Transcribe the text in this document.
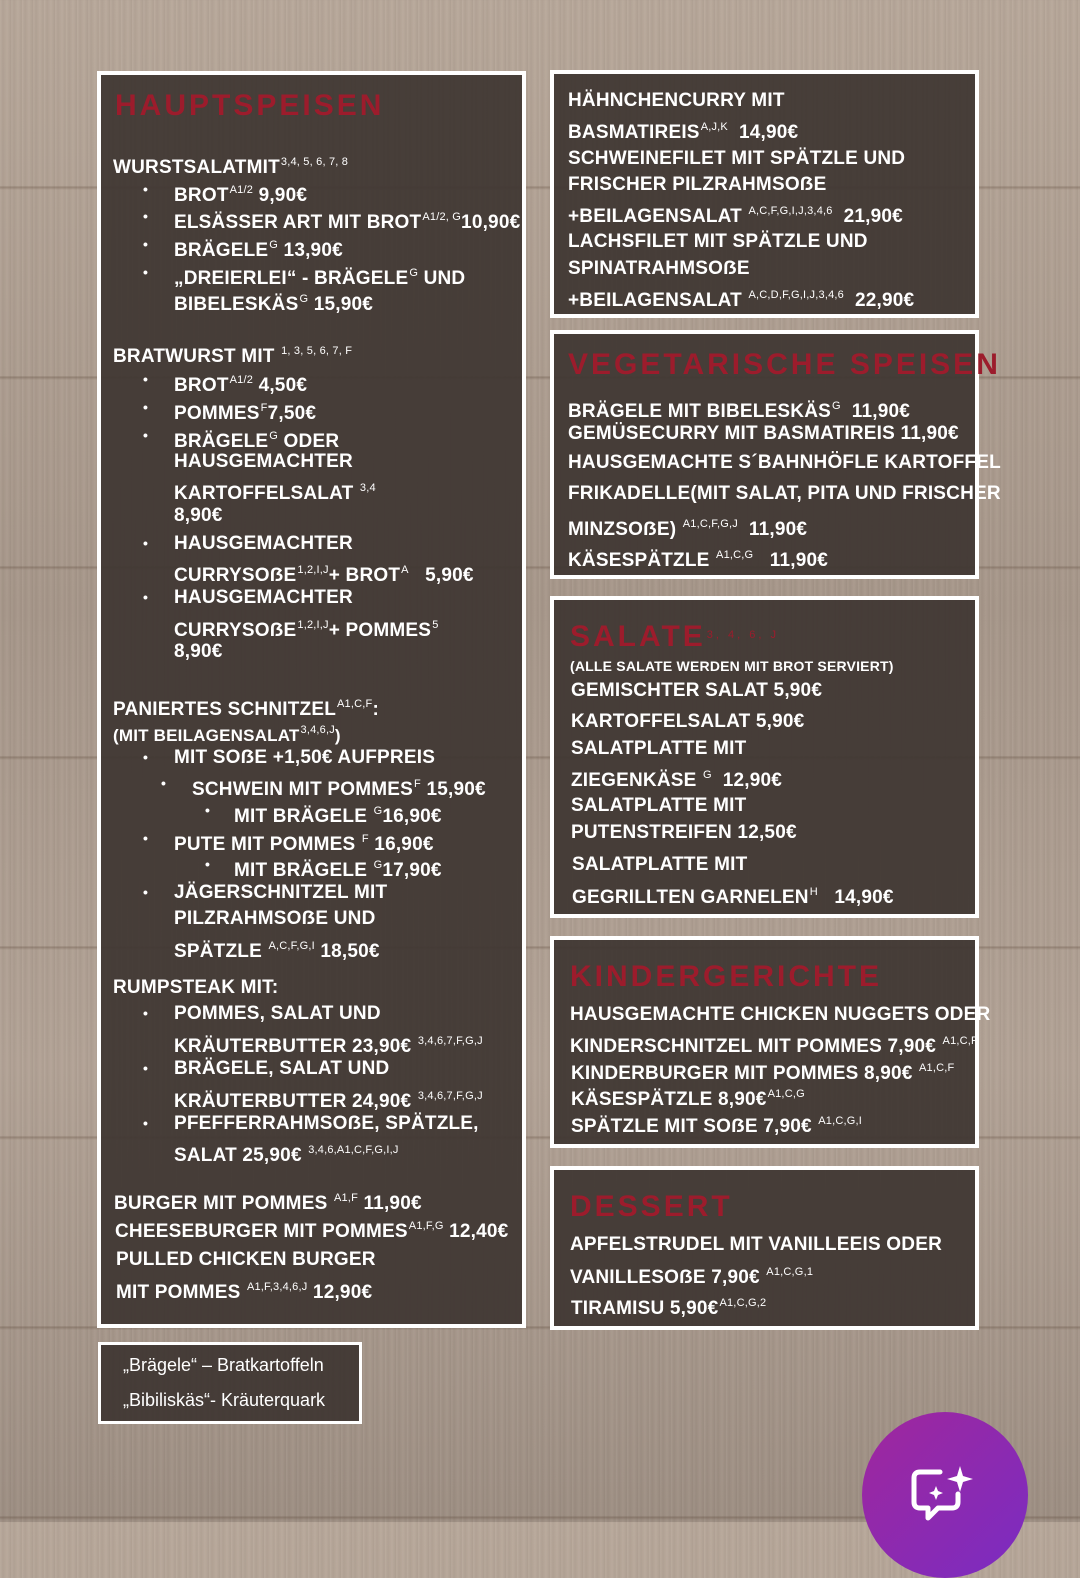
HAUPTSPEISEN
WURSTSALATMIT$^{3,4, 5, 6, 7, 8}$
• $BROT^{A1/2}$ 9,90€
• ELSÄSSER ART MIT $BROT^{A1/2, G}10,90€$
• $BRÄGELE^G$ 13,90€
• „DREIERLEI“ - $BRÄGELE^G$ UND
$BIBELESKÄS^G$ 15,90€
BRATWURST MIT $^{1, 3, 5, 6, 7, F}$
• $BROT^{A1/2}$ 4,50€
• $POMMES^F7,50€$
• $BRÄGELE^G$ ODER
HAUSGEMACHTER
KARTOFFELSALAT $^{3,4}$
8,90€
• HAUSGEMACHTER
CURRYSOẞE$^{1,2,I,J}$+ $BROT^A$ 5,90€
• HAUSGEMACHTER
CURRYSOẞE$^{1,2,I,J}$+ $POMMES^5$
8,90€
PANIERTES $SCHNITZEL^{A1,C,F}$:
(MIT $BEILAGENSALAT^{3,4,6,J}$)
• MIT SOẞE +1,50€ AUFPREIS
• SCHWEIN MIT $POMMES^F$ 15,90€
• MIT BRÄGELE $^G$16,90€
• PUTE MIT POMMES $^F$ 16,90€
• MIT BRÄGELE $^G$17,90€
• JÄGERSCHNITZEL MIT
PILZRAHMSOẞE UND
SPÄTZLE $^{A,C,F,G,I}$ 18,50€
RUMPSTEAK MIT:
• POMMES, SALAT UND
KRÄUTERBUTTER 23,90€ $^{3,4,6,7,F,G,J}$
• BRÄGELE, SALAT UND
KRÄUTERBUTTER 24,90€ $^{3,4,6,7,F,G,J}$
• PFEFFERRAHMSOẞE, SPÄTZLE,
SALAT 25,90€ $^{3,4,6,A1,C,F,G,I,J}$
BURGER MIT POMMES $^{A1,F}$ 11,90€
CHEESEBURGER MIT $POMMES^{A1,F,G}$ 12,40€
PULLED CHICKEN BURGER
MIT POMMES $^{A1,F,3,4,6,J}$ 12,90€
HÄHNCHENCURRY MIT
$BASMATIREIS^{A,J,K}$ 14,90€
SCHWEINEFILET MIT SPÄTZLE UND
FRISCHER PILZRAHMSOẞE
+BEILAGENSALAT $^{A,C,F,G,I,J,3,4,6}$ 21,90€
LACHSFILET MIT SPÄTZLE UND
SPINATRAHMSOẞE
+BEILAGENSALAT $^{A,C,D,F,G,I,J,3,4,6}$ 22,90€
VEGETARISCHE SPEISEN
BRÄGELE MIT $BIBELESKÄS^G$ 11,90€
GEMÜSECURRY MIT BASMATIREIS 11,90€
HAUSGEMACHTE S´BAHNHÖFLE KARTOFFEL
FRIKADELLE(MIT SALAT, PITA UND FRISCHER
MINZSOẞE) $^{A1,C,F,G,J}$ 11,90€
KÄSESPÄTZLE $^{A1,C,G}$ 11,90€
$SALATE^{3, 4, 6, J}$
(ALLE SALATE WERDEN MIT BROT SERVIERT)
GEMISCHTER SALAT 5,90€
KARTOFFELSALAT 5,90€
SALATPLATTE MIT
ZIEGENKÄSE $^G$ 12,90€
SALATPLATTE MIT
PUTENSTREIFEN 12,50€
SALATPLATTE MIT
GEGRILLTEN $GARNELEN^H$ 14,90€
KINDERGERICHTE
HAUSGEMACHTE CHICKEN NUGGETS ODER
KINDERSCHNITZEL MIT POMMES 7,90€ $^{A1,C,F}$
KINDERBURGER MIT POMMES 8,90€ $^{A1,C,F}$
KÄSESPÄTZLE 8,90€$^{A1,C,G}$
SPÄTZLE MIT SOẞE 7,90€ $^{A1,C,G,I}$
DESSERT
APFELSTRUDEL MIT VANILLEEIS ODER
VANILLESOẞE 7,90€ $^{A1,C,G,1}$
TIRAMISU 5,90€$^{A1,C,G,2}$
„Brägele“ – Bratkartoffeln
„Bibiliskäs“- Kräuterquark
